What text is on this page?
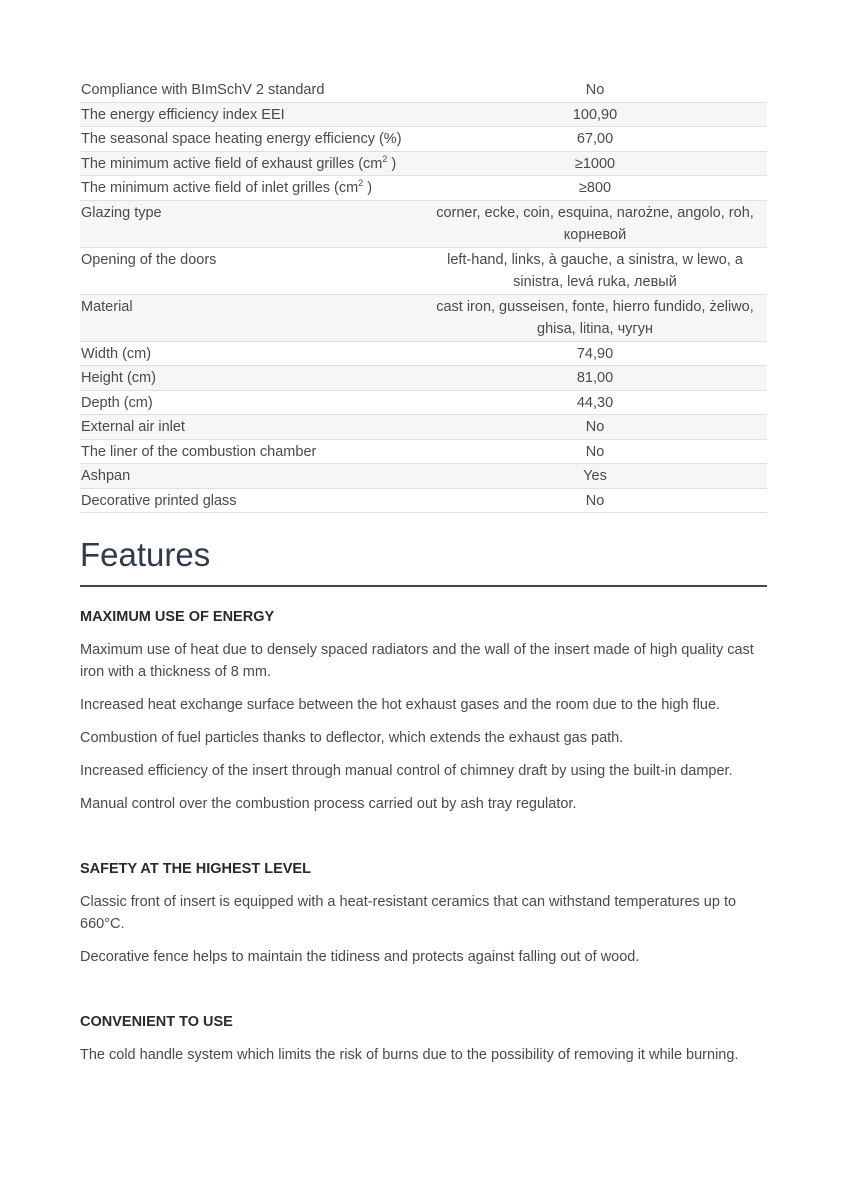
Compliance with BImSchV 2 standard	No
The energy efficiency index EEI	100,90
The seasonal space heating energy efficiency (%)	67,00
The minimum active field of exhaust grilles ($cm^2$ )	≥1000
The minimum active field of inlet grilles ($cm^2$ )	≥800
Glazing type	corner, ecke, coin, esquina, narożne, angolo, roh, корневой
Opening of the doors	left-hand, links, à gauche, a sinistra, w lewo, a sinistra, levá ruka, левый
Material	cast iron, gusseisen, fonte, hierro fundido, żeliwo, ghisa, litina, чугун
Width (cm)	74,90
Height (cm)	81,00
Depth (cm)	44,30
External air inlet	No
The liner of the combustion chamber	No
Ashpan	Yes
Decorative printed glass	No
Features
MAXIMUM USE OF ENERGY

Maximum use of heat due to densely spaced radiators and the wall of the insert made of high quality cast iron with a thickness of 8 mm.

Increased heat exchange surface between the hot exhaust gases and the room due to the high flue.

Combustion of fuel particles thanks to deflector, which extends the exhaust gas path.

Increased efficiency of the insert through manual control of chimney draft by using the built-in damper.

Manual control over the combustion process carried out by ash tray regulator.

SAFETY AT THE HIGHEST LEVEL

Classic front of insert is equipped with a heat-resistant ceramics that can withstand temperatures up to 660°C.

Decorative fence helps to maintain the tidiness and protects against falling out of wood.

CONVENIENT TO USE

The cold handle system which limits the risk of burns due to the possibility of removing it while burning.
